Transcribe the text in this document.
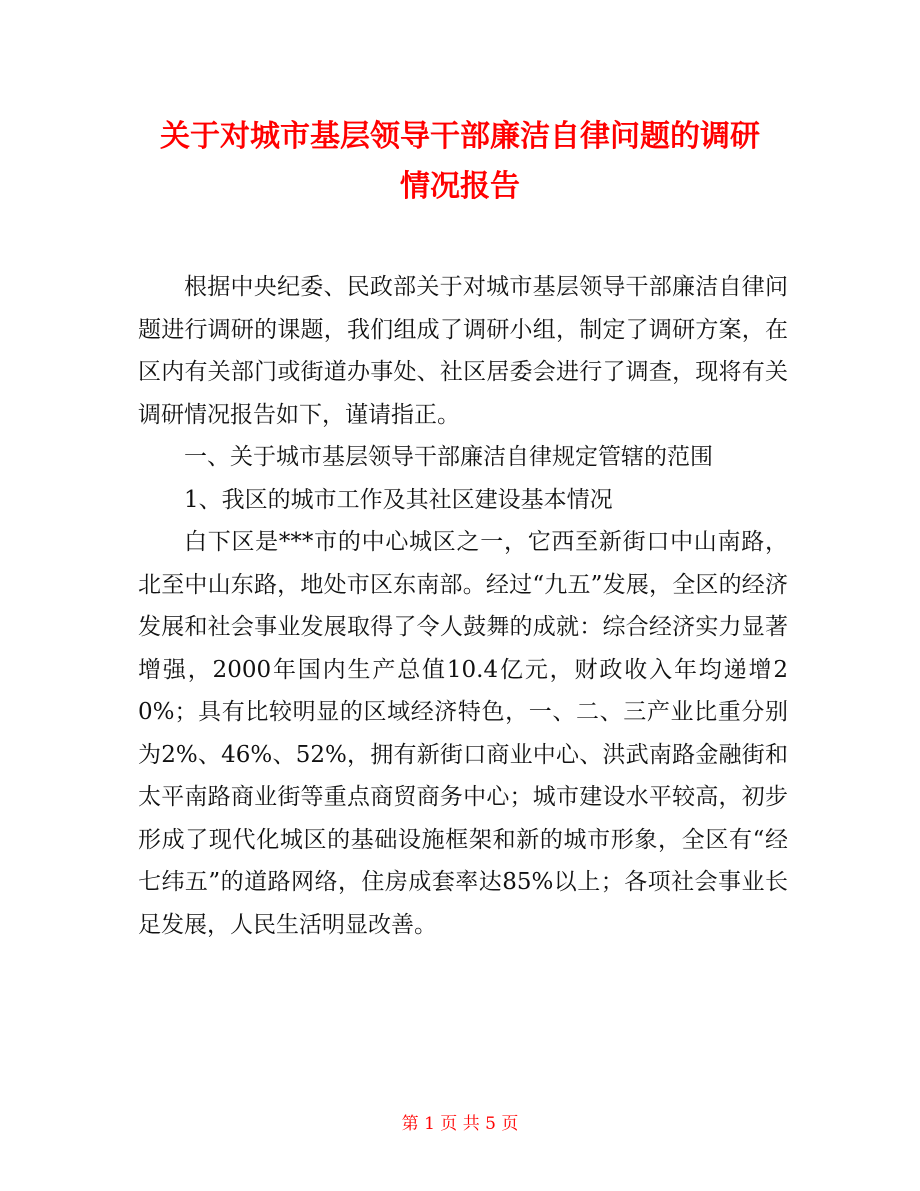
关于对城市基层领导干部廉洁自律问题的调研
情况报告

根据中央纪委、民政部关于对城市基层领导干部廉洁自律问题进行调研的课题，我们组成了调研小组，制定了调研方案，在区内有关部门或街道办事处、社区居委会进行了调查，现将有关调研情况报告如下，谨请指正。

一、关于城市基层领导干部廉洁自律规定管辖的范围

1、我区的城市工作及其社区建设基本情况

白下区是***市的中心城区之一，它西至新街口中山南路，北至中山东路，地处市区东南部。经过“九五”发展，全区的经济发展和社会事业发展取得了令人鼓舞的成就：综合经济实力显著增强，2000年国内生产总值10.4亿元，财政收入年均递增20%；具有比较明显的区域经济特色，一、二、三产业比重分别为2%、46%、52%，拥有新街口商业中心、洪武南路金融街和太平南路商业街等重点商贸商务中心；城市建设水平较高，初步形成了现代化城区的基础设施框架和新的城市形象，全区有“经七纬五”的道路网络，住房成套率达85%以上；各项社会事业长足发展，人民生活明显改善。

第 1 页 共 5 页
